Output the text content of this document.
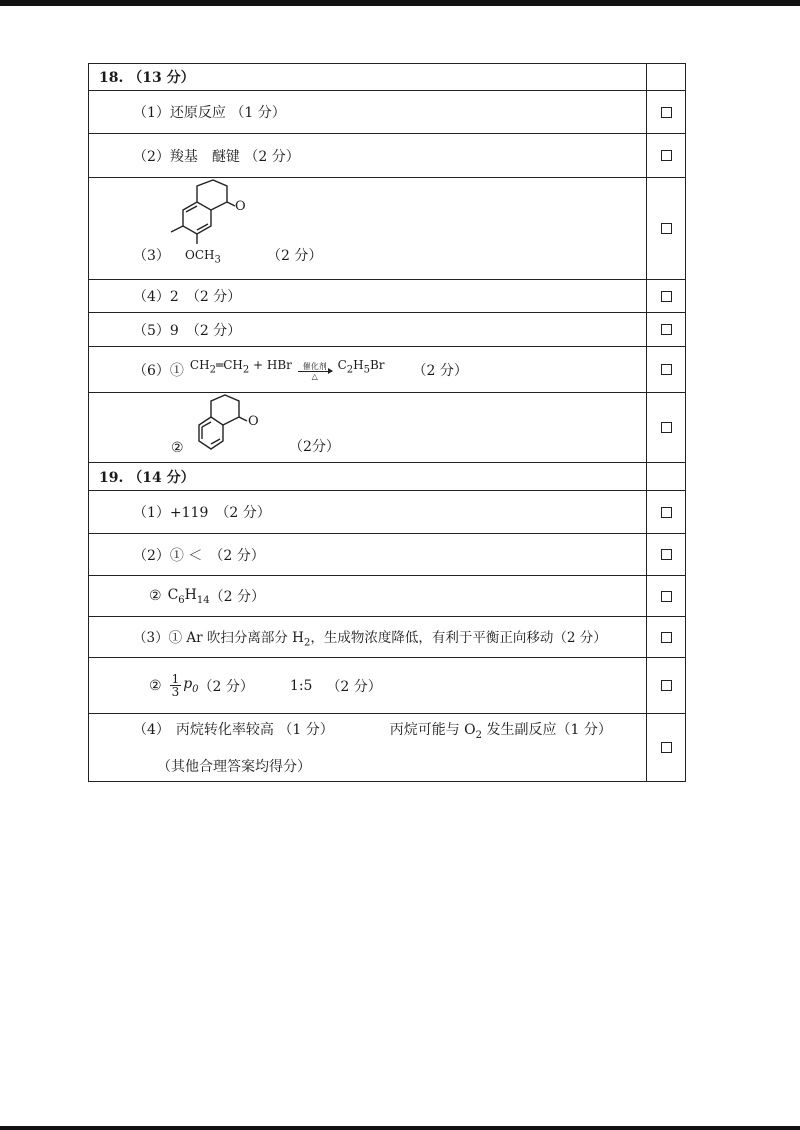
18. （13 分）
（1）还原反应 （1 分）
（2）羧基　醚键 （2 分）
（3）
O
$OCH_3$	（2 分）
（4）2　（2 分）
（5）9　（2 分）
（6）① $CH_2═CH_2$ + HBr 催化剂
△
$C_2H_5Br$ （2 分）
②
O
（2分）
19. （14 分）
（1）+119　（2 分）
（2）① ＜　（2 分）
② $C_6H_{14}$ （2 分）
（3）① Ar 吹扫分离部分 $H_2$，生成物浓度降低，有利于平衡正向移动（2 分）
② $\frac{1}{3} p_0$ （2 分）	1:5 （2 分）
（4） 丙烷转化率较高 （1 分）	丙烷可能与 $O_2$ 发生副反应（1 分）
（其他合理答案均得分）
